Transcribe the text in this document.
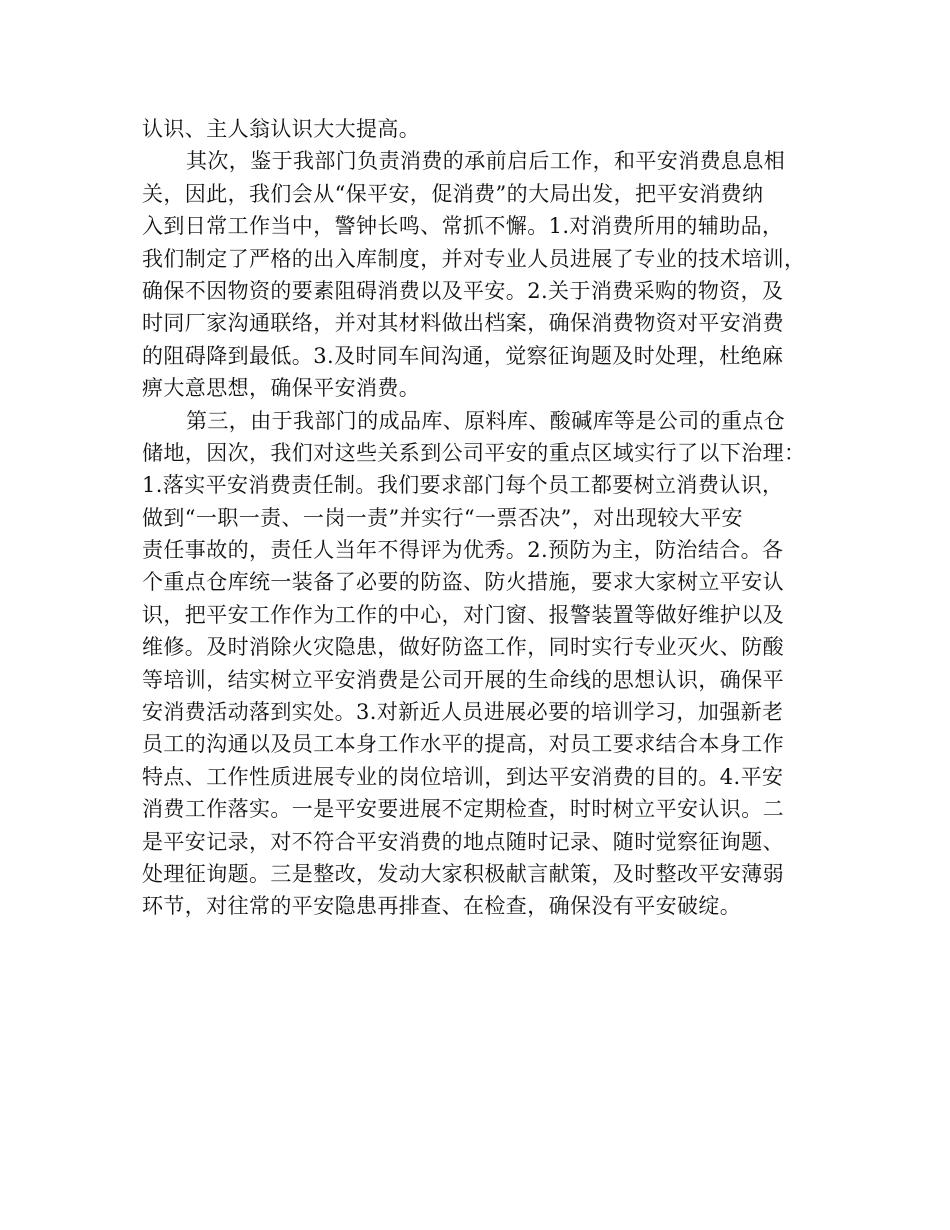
认识、主人翁认识大大提高。
其次，鉴于我部门负责消费的承前启后工作，和平安消费息息相
关，因此，我们会从“保平安，促消费”的大局出发，把平安消费纳
入到日常工作当中，警钟长鸣、常抓不懈。1.对消费所用的辅助品，
我们制定了严格的出入库制度，并对专业人员进展了专业的技术培训，
确保不因物资的要素阻碍消费以及平安。2.关于消费采购的物资，及
时同厂家沟通联络，并对其材料做出档案，确保消费物资对平安消费
的阻碍降到最低。3.及时同车间沟通，觉察征询题及时处理，杜绝麻
痹大意思想，确保平安消费。
第三，由于我部门的成品库、原料库、酸碱库等是公司的重点仓
储地，因次，我们对这些关系到公司平安的重点区域实行了以下治理：
1.落实平安消费责任制。我们要求部门每个员工都要树立消费认识，
做到“一职一责、一岗一责”并实行“一票否决”，对出现较大平安
责任事故的，责任人当年不得评为优秀。2.预防为主，防治结合。各
个重点仓库统一装备了必要的防盗、防火措施，要求大家树立平安认
识，把平安工作作为工作的中心，对门窗、报警装置等做好维护以及
维修。及时消除火灾隐患，做好防盗工作，同时实行专业灭火、防酸
等培训，结实树立平安消费是公司开展的生命线的思想认识，确保平
安消费活动落到实处。3.对新近人员进展必要的培训学习，加强新老
员工的沟通以及员工本身工作水平的提高，对员工要求结合本身工作
特点、工作性质进展专业的岗位培训，到达平安消费的目的。4.平安
消费工作落实。一是平安要进展不定期检查，时时树立平安认识。二
是平安记录，对不符合平安消费的地点随时记录、随时觉察征询题、
处理征询题。三是整改，发动大家积极献言献策，及时整改平安薄弱
环节，对往常的平安隐患再排查、在检查，确保没有平安破绽。
